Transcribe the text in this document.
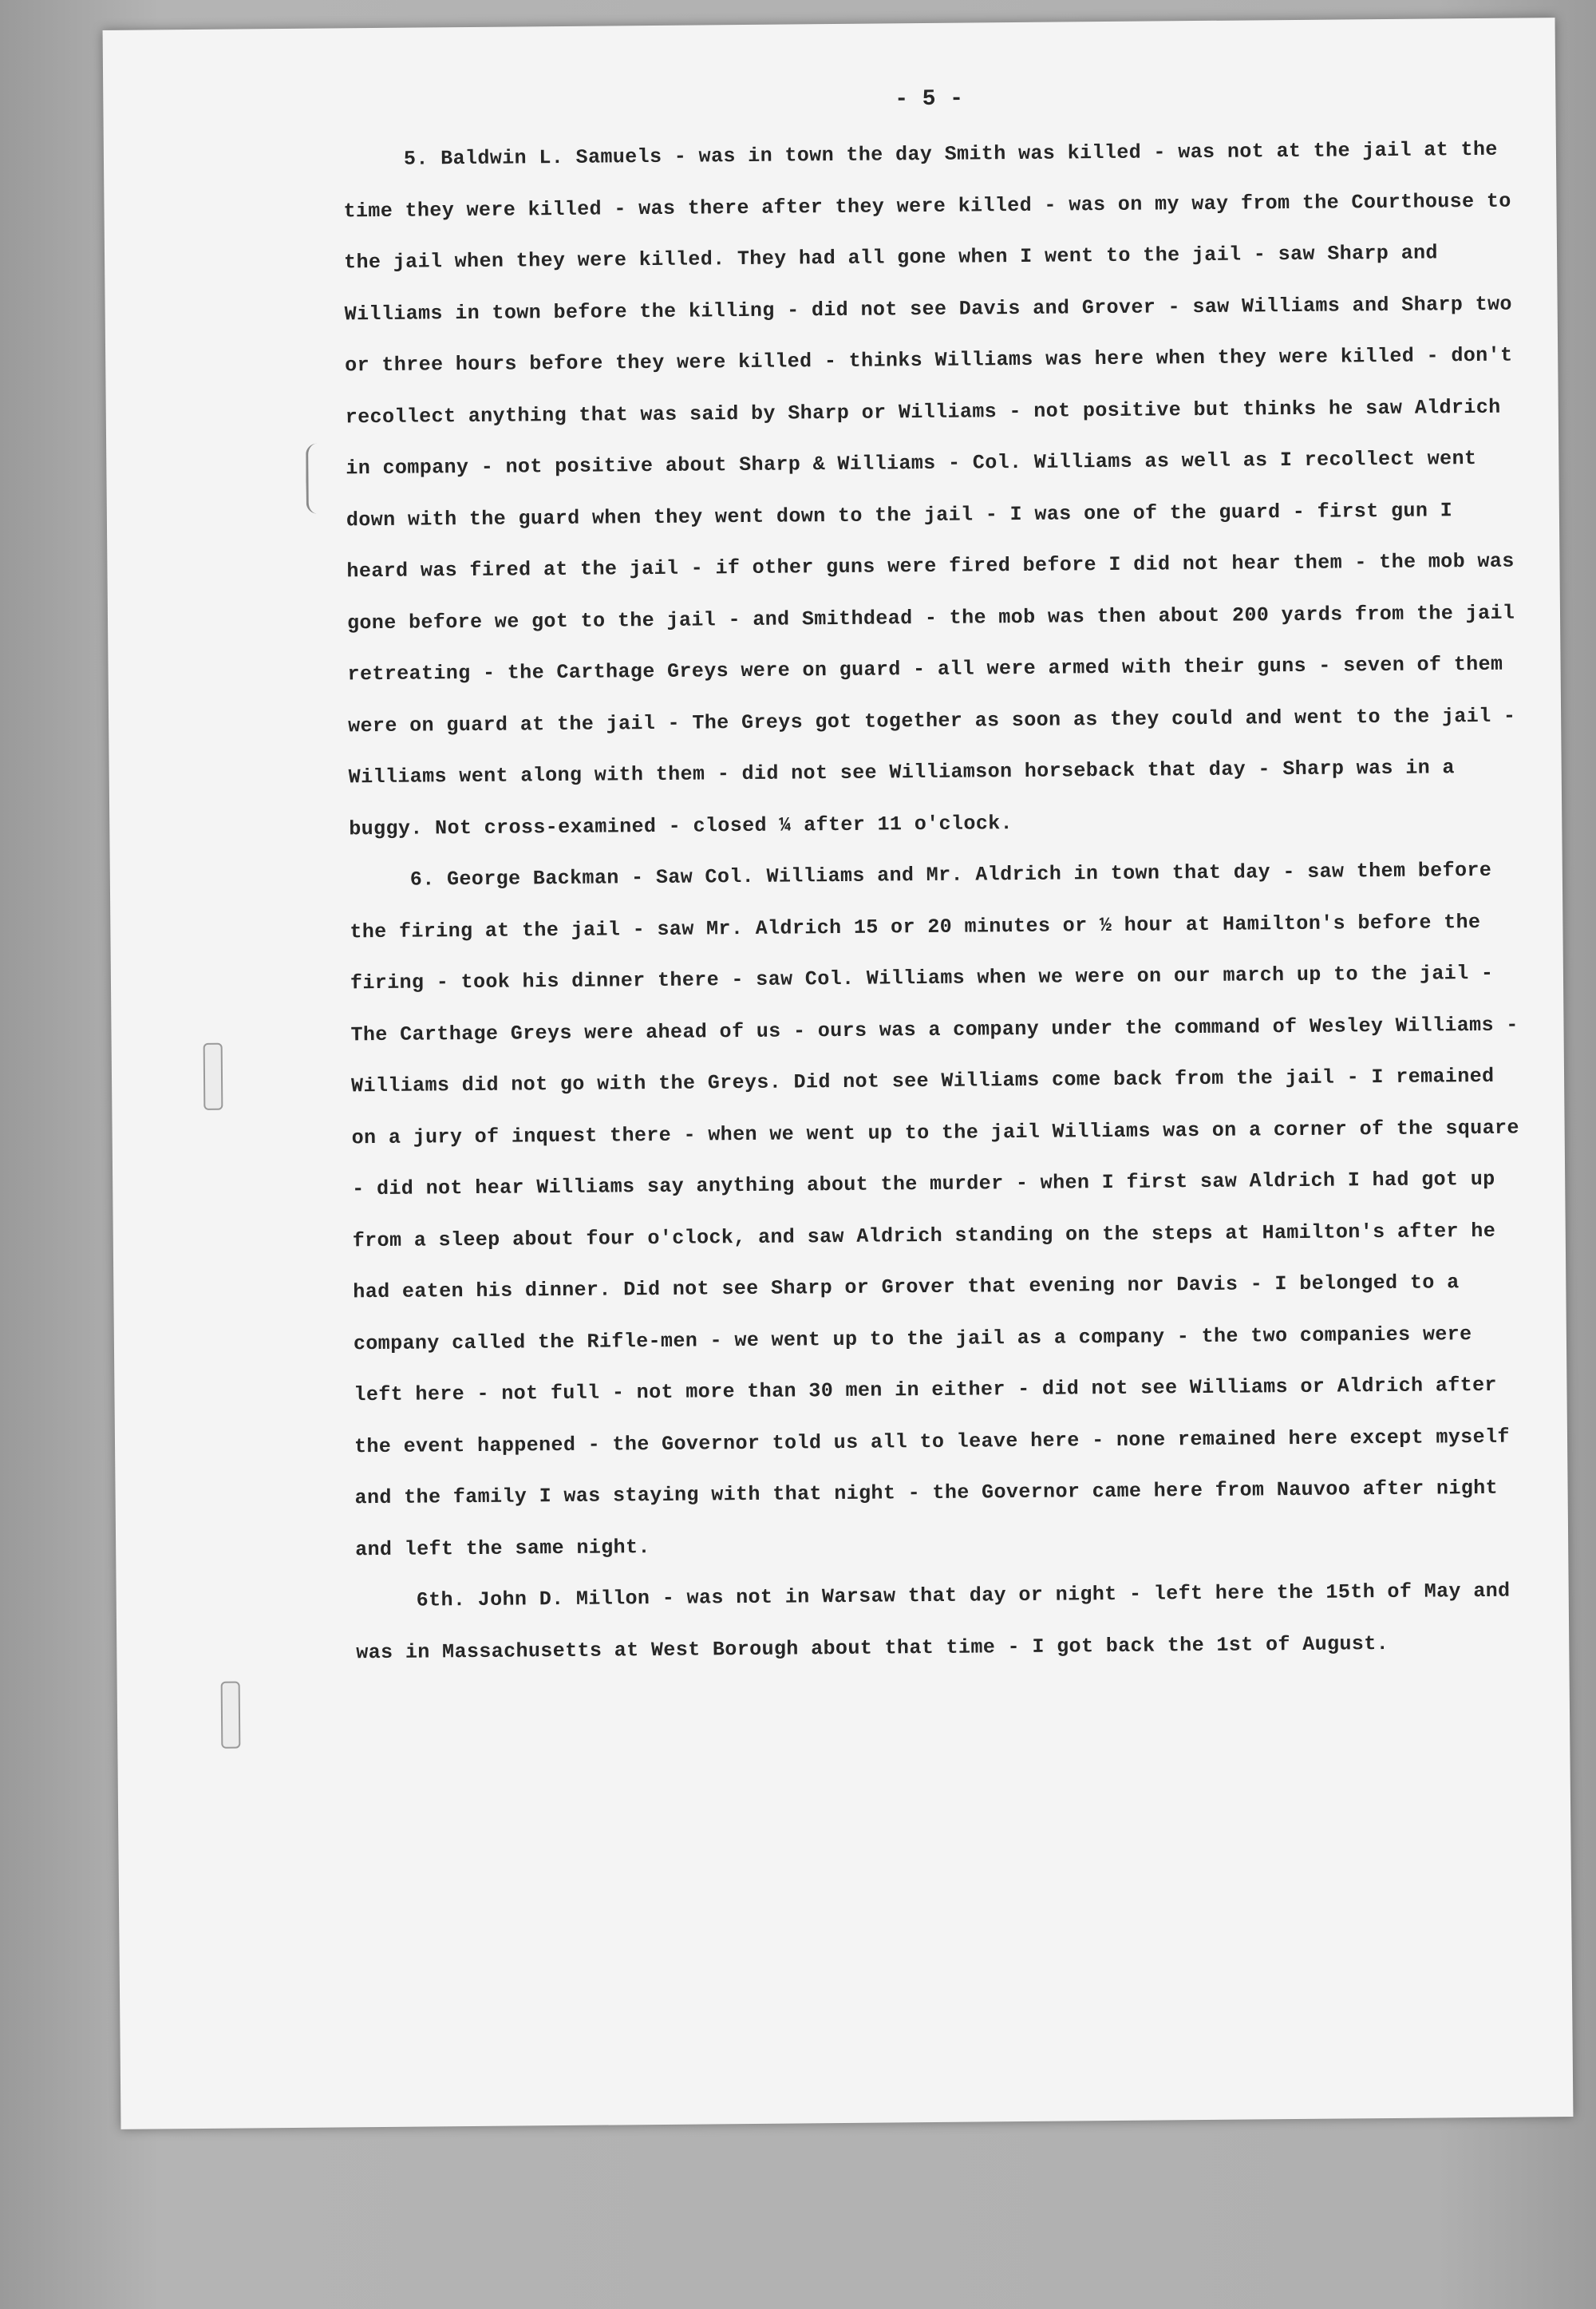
- 5 -

5. Baldwin L. Samuels - was in town the day Smith was killed - was not at the jail at the time they were killed - was there after they were killed - was on my way from the Courthouse to the jail when they were killed. They had all gone when I went to the jail - saw Sharp and Williams in town before the killing - did not see Davis and Grover - saw Williams and Sharp two or three hours before they were killed - thinks Williams was here when they were killed - don't recollect anything that was said by Sharp or Williams - not positive but thinks he saw Aldrich in company - not positive about Sharp & Williams - Col. Williams as well as I recollect went down with the guard when they went down to the jail - I was one of the guard - first gun I heard was fired at the jail - if other guns were fired before I did not hear them - the mob was gone before we got to the jail - and Smithdead - the mob was then about 200 yards from the jail retreating - the Carthage Greys were on guard - all were armed with their guns - seven of them were on guard at the jail - The Greys got together as soon as they could and went to the jail - Williams went along with them - did not see Williamson horseback that day - Sharp was in a buggy. Not cross-examined - closed ¼ after 11 o'clock.

6. George Backman - Saw Col. Williams and Mr. Aldrich in town that day - saw them before the firing at the jail - saw Mr. Aldrich 15 or 20 minutes or ½ hour at Hamilton's before the firing - took his dinner there - saw Col. Williams when we were on our march up to the jail - The Carthage Greys were ahead of us - ours was a company under the command of Wesley Williams - Williams did not go with the Greys. Did not see Williams come back from the jail - I remained on a jury of inquest there - when we went up to the jail Williams was on a corner of the square - did not hear Williams say anything about the murder - when I first saw Aldrich I had got up from a sleep about four o'clock, and saw Aldrich standing on the steps at Hamilton's after he had eaten his dinner. Did not see Sharp or Grover that evening nor Davis - I belonged to a company called the Rifle-men - we went up to the jail as a company - the two companies were left here - not full - not more than 30 men in either - did not see Williams or Aldrich after the event happened - the Governor told us all to leave here - none remained here except myself and the family I was staying with that night - the Governor came here from Nauvoo after night and left the same night.

6th. John D. Millon - was not in Warsaw that day or night - left here the 15th of May and was in Massachusetts at West Borough about that time - I got back the 1st of August.
